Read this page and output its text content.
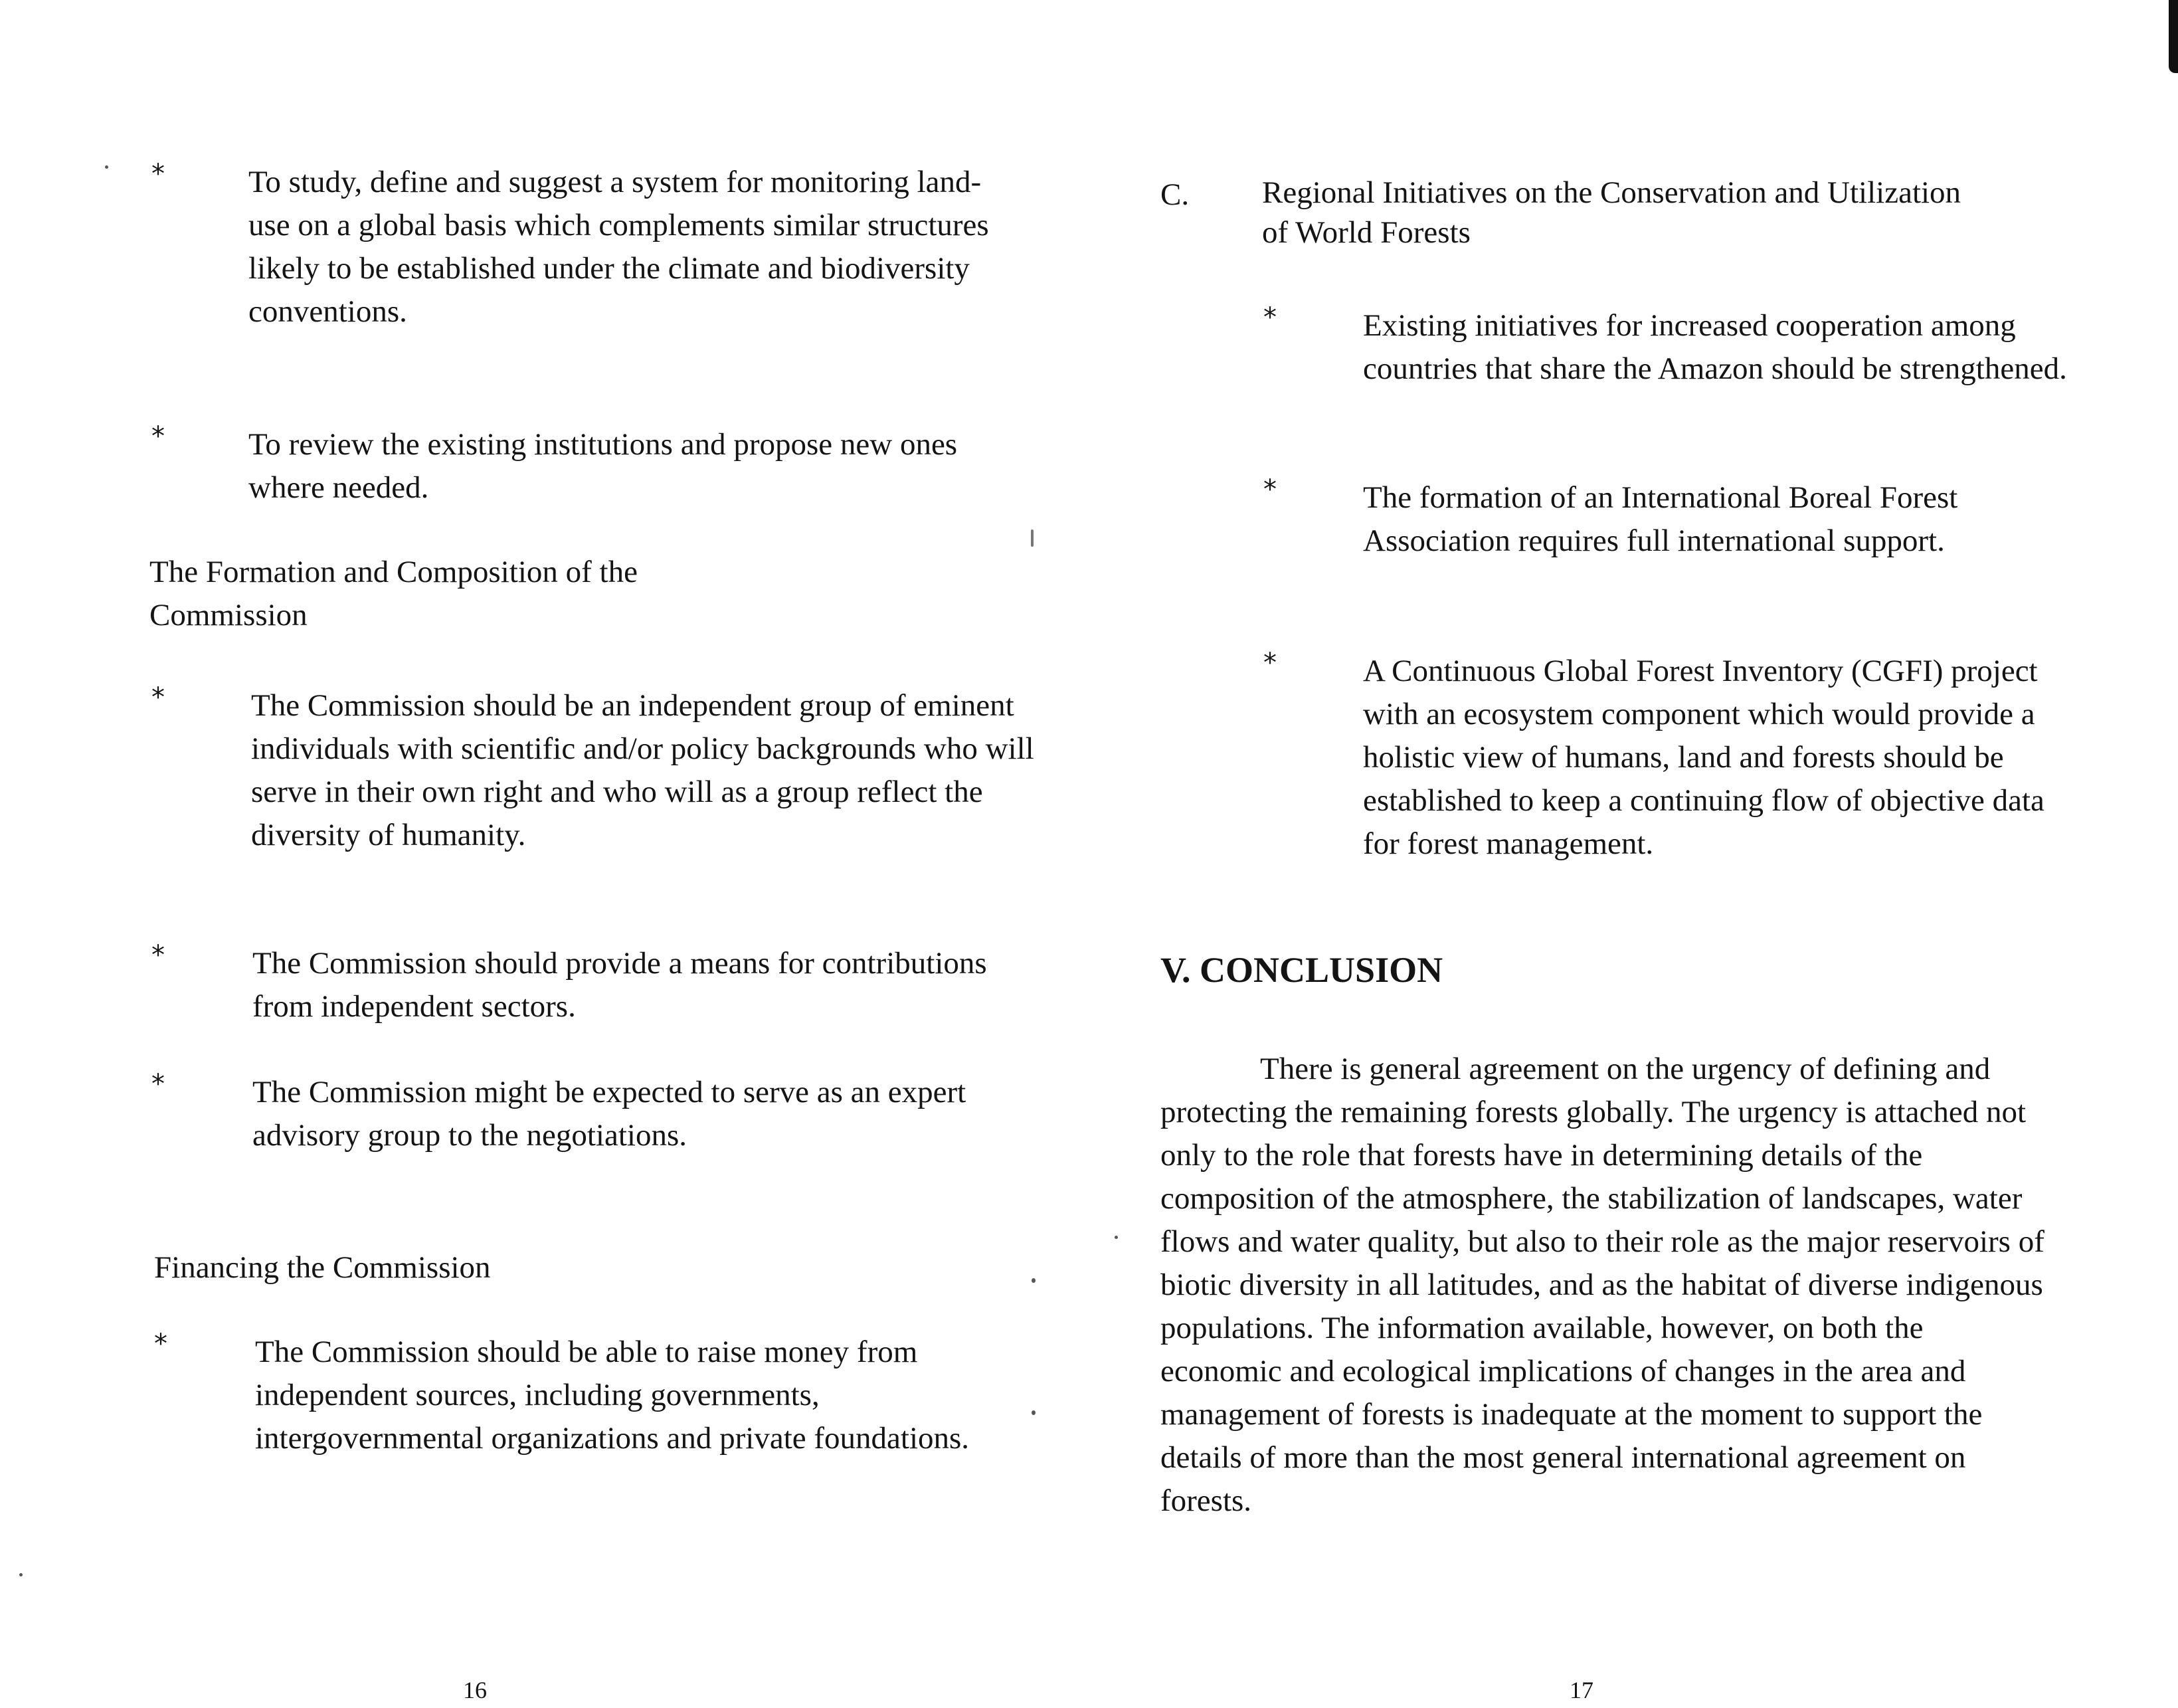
*	To study, define and suggest a system for monitoring land-use on a global basis which complements similar structures likely to be established under the climate and biodiversity conventions.
*	To review the existing institutions and propose new ones where needed.
The Formation and Composition of the Commission
*	The Commission should be an independent group of eminent individuals with scientific and/or policy backgrounds who will serve in their own right and who will as a group reflect the diversity of humanity.
*	The Commission should provide a means for contributions from independent sectors.
*	The Commission might be expected to serve as an expert advisory group to the negotiations.
Financing the Commission
*	The Commission should be able to raise money from independent sources, including governments, intergovernmental organizations and private foundations.
16
C. Regional Initiatives on the Conservation and Utilization of World Forests
*	Existing initiatives for increased cooperation among countries that share the Amazon should be strengthened.
*	The formation of an International Boreal Forest Association requires full international support.
*	A Continuous Global Forest Inventory (CGFI) project with an ecosystem component which would provide a holistic view of humans, land and forests should be established to keep a continuing flow of objective data for forest management.
V. CONCLUSION
There is general agreement on the urgency of defining and protecting the remaining forests globally. The urgency is attached not only to the role that forests have in determining details of the composition of the atmosphere, the stabilization of landscapes, water flows and water quality, but also to their role as the major reservoirs of biotic diversity in all latitudes, and as the habitat of diverse indigenous populations. The information available, however, on both the economic and ecological implications of changes in the area and management of forests is inadequate at the moment to support the details of more than the most general international agreement on forests.
17
